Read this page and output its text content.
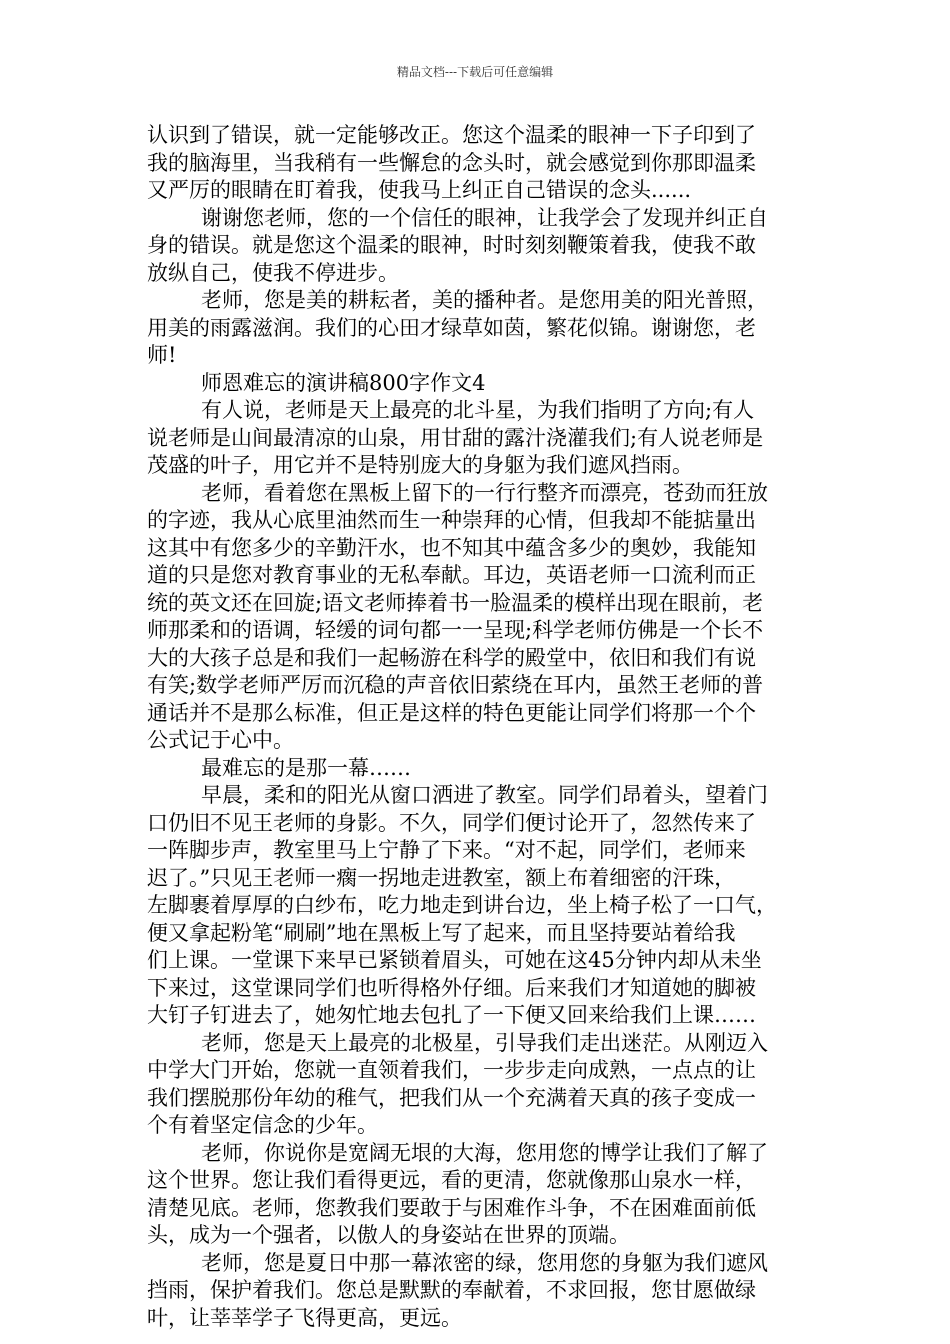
精品文档---下载后可任意编辑
认识到了错误，就一定能够改正。您这个温柔的眼神一下子印到了
我的脑海里，当我稍有一些懈怠的念头时，就会感觉到你那即温柔
又严厉的眼睛在盯着我，使我马上纠正自己错误的念头......
谢谢您老师，您的一个信任的眼神，让我学会了发现并纠正自
身的错误。就是您这个温柔的眼神，时时刻刻鞭策着我，使我不敢
放纵自己，使我不停进步。
老师，您是美的耕耘者，美的播种者。是您用美的阳光普照，
用美的雨露滋润。我们的心田才绿草如茵，繁花似锦。谢谢您，老
师!
师恩难忘的演讲稿800字作文4
有人说，老师是天上最亮的北斗星，为我们指明了方向;有人
说老师是山间最清凉的山泉，用甘甜的露汁浇灌我们;有人说老师是
茂盛的叶子，用它并不是特别庞大的身躯为我们遮风挡雨。
老师，看着您在黑板上留下的一行行整齐而漂亮，苍劲而狂放
的字迹，我从心底里油然而生一种崇拜的心情，但我却不能掂量出
这其中有您多少的辛勤汗水，也不知其中蕴含多少的奥妙，我能知
道的只是您对教育事业的无私奉献。耳边，英语老师一口流利而正
统的英文还在回旋;语文老师捧着书一脸温柔的模样出现在眼前，老
师那柔和的语调，轻缓的词句都一一呈现;科学老师仿佛是一个长不
大的大孩子总是和我们一起畅游在科学的殿堂中，依旧和我们有说
有笑;数学老师严厉而沉稳的声音依旧萦绕在耳内，虽然王老师的普
通话并不是那么标准，但正是这样的特色更能让同学们将那一个个
公式记于心中。
最难忘的是那一幕……
早晨，柔和的阳光从窗口洒进了教室。同学们昂着头，望着门
口仍旧不见王老师的身影。不久，同学们便讨论开了，忽然传来了
一阵脚步声，教室里马上宁静了下来。“对不起，同学们，老师来
迟了。”只见王老师一瘸一拐地走进教室，额上布着细密的汗珠，
左脚裹着厚厚的白纱布，吃力地走到讲台边，坐上椅子松了一口气，
便又拿起粉笔“刷刷”地在黑板上写了起来，而且坚持要站着给我
们上课。一堂课下来早已紧锁着眉头，可她在这45分钟内却从未坐
下来过，这堂课同学们也听得格外仔细。后来我们才知道她的脚被
大钉子钉进去了，她匆忙地去包扎了一下便又回来给我们上课……
老师，您是天上最亮的北极星，引导我们走出迷茫。从刚迈入
中学大门开始，您就一直领着我们，一步步走向成熟，一点点的让
我们摆脱那份年幼的稚气，把我们从一个充满着天真的孩子变成一
个有着坚定信念的少年。
老师，你说你是宽阔无垠的大海，您用您的博学让我们了解了
这个世界。您让我们看得更远，看的更清，您就像那山泉水一样，
清楚见底。老师，您教我们要敢于与困难作斗争，不在困难面前低
头，成为一个强者，以傲人的身姿站在世界的顶端。
老师，您是夏日中那一幕浓密的绿，您用您的身躯为我们遮风
挡雨，保护着我们。您总是默默的奉献着，不求回报，您甘愿做绿
叶，让莘莘学子飞得更高，更远。
